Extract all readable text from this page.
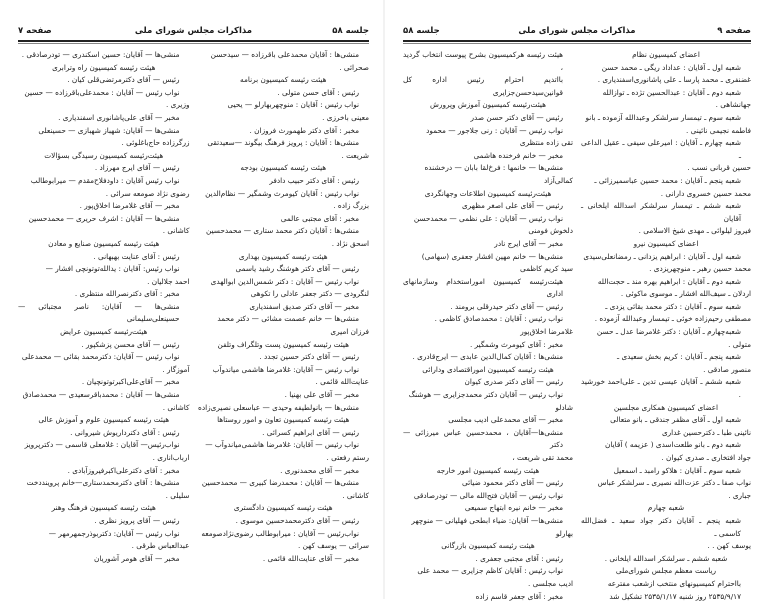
جلسه ۵۸
مذاکرات مجلس شورای ملی
صفحه ۷

منشی‌ها : آقایان محمدعلی باقرزاده — سیدحسن

صحرائی .

هیئت رئیسه کمیسیون برنامه

رئیس : آقای حسن متولی .

نواب رئیس : آقایان : منوچهربهارلو — یحیی

معینی باخرزی .

مخبر : آقای دکتر طهمورث فروزان .

منشی‌ها : آقایان : پرویز فرهنگ بیگوند —سعیدتقی

شریعت .

هیئت رئیسه کمیسیون بودجه

رئیس : آقای دکتر حبیب دادفر

نواب رئیس : آقایان کیومرث وشمگیر — نظام‌الدین

بزرگ زاده .

مخبر : آقای مجتبی عالمی

منشی‌ها : آقایان دکتر محمد ستاری — محمدحسین

اسحق نژاد .

هیئت رئیسه کمیسیون بهداری

رئیس — آقای دکتر هوشنگ رشید یاسمی

نواب رئیس — آقایان : دکتر شمس‌الدین ابوالهدی

لنگرودی — دکتر جعفر عادلی را تکوهی

مخبر — آقای دکتر صدیق اسفندیاری

منشی‌ها — خانم عصمت مشائی — دکتر محمد

فرزان امیری

هیئت رئیسه کمیسیون پست وتلگراف وتلفن

رئیس — آقای دکتر حسین تجدد .

نواب رئیس — آقایان: غلامرضا هاشمی میاندوآب

عنایت‌الله قائمی .

مخبر — آقای علی بهنیا .

منشی‌ها — بانولطیفه وحیدی — عباسعلی نصیری‌زاده

هیئت رئیسه کمیسیون تعاون و امور روستاها

رئیس — آقای ابراهیم کسرائی .

نواب رئیس — آقایان: غلامرضا هاشمی‌میاندوآب —

رستم رفعتی .

مخبر — آقای محمدنوری .

منشی‌ها — آقایان : محمدرضا کبیری — محمدحسین

کاشانی .

هیئت رئیسه کمیسیون دادگستری

رئیس — آقای دکترمحمدحسین موسوی .

نواب‌رئیس — آقایان : میرابوطالب رضوی‌نژادصومعه

سرائی — یوسف کهن .

مخبر — آقای عنایت‌الله قائمی .

منشی‌ها — آقایان: حسین اسکندری — تودرصادقی .

هیئت رئیسه کمیسیون راه وترابری

رئیس — آقای دکترمرتضی‌قلی کیان .

نواب رئیس — آقایان : محمدعلی‌باقرزاده — حسین

وزیری .

مخبر — آقای علی‌پاشانوری اسفندیاری .

منشی‌ها — آقایان: شهباز شهبازی — حسینعلی

زرگرزاده حاج‌باغلوئی .

هیئت‌رئیسه کمیسیون رسیدگی بسؤالات

رئیس — آقای ایرج مهرزاد .

نواب رئیس آقایان : داودفلاح‌مقدم — میرابوطالب

رضوی نژاد صومعه سرائی .

مخبر — آقای غلامرضا اخلاق‌پور .

منشی‌ها — آقایان : اشرف حریری — محمدحسین

کاشانی .

هیئت رئیسه کمیسیون صنایع و معادن

رئیس : آقای عنایت بهبهانی .

نواب رئیس: آقایان : یدالله‌توتونچی افشار —

احمد جلالیان .

مخبر : آقای دکترنصرالله منتظری .

منشی‌ها — آقایان: ناصر مجتبائی — حسینعلی‌سلیمانی

هیئت‌رئیسه کمیسیون عرایض

رئیس — آقای محسن پزشکپور .

نواب رئیس — آقایان: دکترمحمد بقائی — محمدعلی

آموزگار .

مخبر — آقای‌علی‌اکبرتوتونچیان .

منشی‌ها — آقایان : محمدباقرسعیدی — محمدصادق

کاشانی .

هیئت رئیسه کمیسیون علوم و آموزش عالی

رئیس : آقای دکترداریوش شیروانی .

نواب‌رئیس— آقایان : غلامعلی قاسمی — دکترپرویز

ارباب‌اناری .

مخبر : آقای دکترعلی‌اکبرفیروزآبادی .

منشی‌ها : آقای دکترمحمدستاری—خانم پروینددخت

سلیلی .

هیئت رئیسه کمیسیون فرهنگ وهنر

رئیس — آقای پرویز نظری .

نواب رئیس — آقایان: دکتربوذرجمهرمهر —

عبدالعباس طرقی .

مخبر — آقای هومر آشوریان

صفحه ۹
مذاکرات مجلس شورای ملی
جلسه ۵۸

اعضای کمیسیون نظام

شعبه اول ـ آقایان : عداداد ریگی ـ محمد حسن

غضنفری ـ محمد پارسا ـ علی پاشانوری‌اسفندیاری .

شعبه دوم ـ آقایان : عبدالحسین تژده ـ توازالله

جهانشاهی .

شعبه سوم ـ تیمسار سرلشکر وعبدالله آزموده ـ بانو

فاطمه نجیمی نائینی .

شعبه چهارم ـ آقایان : امیرعلی سیفی ـ عقیل الداعی ـ

حسین قربانی نسب .

شعبه پنجم ـ آقایان : محمد حسین عباسمیرزائی ـ

محمد حسین خسروی دارانی .

شعبه ششم ـ تیمسار سرلشکر اسدالله ایلخانی ـ آقایان

فیروز لیلوائی ـ مهدی شیخ الاسلامی .

اعضای کمیسیون نیرو

شعبه اول ـ آقایان : ابراهیم یزدانی ـ رمضانعلی‌سیدی

محمد حسین رهبر ـ منوچهریزدی .

شعبه دوم ـ آقایان : ابراهیم بهره مند ـ حجت‌الله

اردلان ـ سیف‌الله افشار ـ موسوی ماکوئی .

شعبه سوم ـ آقایان : دکتر محمد بقائی یزدی ـ

مصطفی رحیم‌زاده خوئی ـ تیمسار وعبدالله آزموده .

شعبه‌چهارم ـ آقایان : دکتر غلامرضا عدل ـ حسن

متولی .

شعبه پنجم ـ آقایان : کریم بخش سعیدی ـ

منصور صادقی .

شعبه ششم ـ آقایان عیسی تدین ـ علی‌احمد خورشید .

اعضای کمیسیون همکاری مجلسین

شعبه اول ـ آقای مظفر جندقی ـ بانو متعالی

نائینی طبا ـ دکترحسین غداری

شعبه دوم ـ بانو طلعت‌اسدی ( عزیمه ) آقایان

جواد افتخاری ـ صدری کیوان .

شعبه سوم ـ آقایان : هلاکو رامبد ـ اسمعیل

نواب صفا ـ دکتر عزت‌الله نصیری ـ سرلشکر عباس

جباری .

شعبه چهارم

شعبه پنجم ـ آقایان دکتر جواد سعید ـ فضل‌الله کاسمی ـ

یوسف کهن . .

شعبه ششم ـ سرلشکر اسدالله ایلخانی .

ریاست معظم مجلس شورای‌ملی

بااحترام کمیسیونهای منتخب ازشعب مفترعه

۲۵۳۵/۹/۱۷ روز شنبه ۲۵۳۵/۱/۱۷ تشکیل شد

هیئت رئیسه هرکمیسیون بشرح پیوست انتخاب گردید ،

بااتدیم احترام رئیس اداره کل قوانین‌سیدحسن‌جزایری

هیئت‌رئیسه کمیسیون آموزش وپرورش

رئیس — آقای دکتر حسن صدر

نواب رئیس — آقایان : رنی جلاجور — محمود

تقی زاده منتظری

مخبر — خانم فرخنده هاشمی

منشی‌ها — خانمها : فرخ‌لقا بابان — درخشنده

کمالی‌آزاد

هیئت‌رئیسه کمیسیون اطلاعات وجهانگردی

رئیس — آقای علی اصغر مظهری

نواب رئیس — آقایان : علی نظمی — محمدحسن

دلخوش فومنی

مخبر — آقای ایرج نادر

منشی‌ها — خانم مهین افشار جعفری (سهامی)

سید کریم کاظمی

هیئت‌رئیسه کمیسیون اموراستخدام وسازمانهای اداری

رئیس — آقای دکتر حیدرقلی برومند .

نواب رئیس : آقایان : محمدصادق کاظمی .

غلامرضا اخلاق‌پور

مخبر : آقای کیومرث وشمگیر .

منشی‌ها : آقایان کمال‌الدین عابدی — ایرج‌قادری .

هیئت رئیسه کمیسیون اموراقتصادی ودارائی

رئیس — آقای دکتر صدری کیوان

نواب رئیس — آقایان دکتر محمدجزایری — هوشنگ

شادلو

مخبر — آقای محمدعلی ادیب مجلسی

منشی‌ها—آقایان ، محمدحسین عباس میرزائی —دکتر

محمد تقی شریعت ،

هیئت رئیسه کمیسیون امور خارجه

رئیس — آقای دکتر محمود ضیائی

نواب رئیس — آقایان فتح‌الله مالی — تودرصادقی

مخبر — خانم نیره ابتهاج سمیعی

منشی‌ها— آقایان: ضیاء ابطحی فهلیانی — منوچهر

بهارلو

هیئت رئیسه کمیسیون بازرگانی

رئیس : آقای مجتبی جعفری .

نواب رئیس : آقایان کاظم جزایری — محمد علی

ادیب مجلسی .

مخبر : آقای جعفر قاسم زاده
